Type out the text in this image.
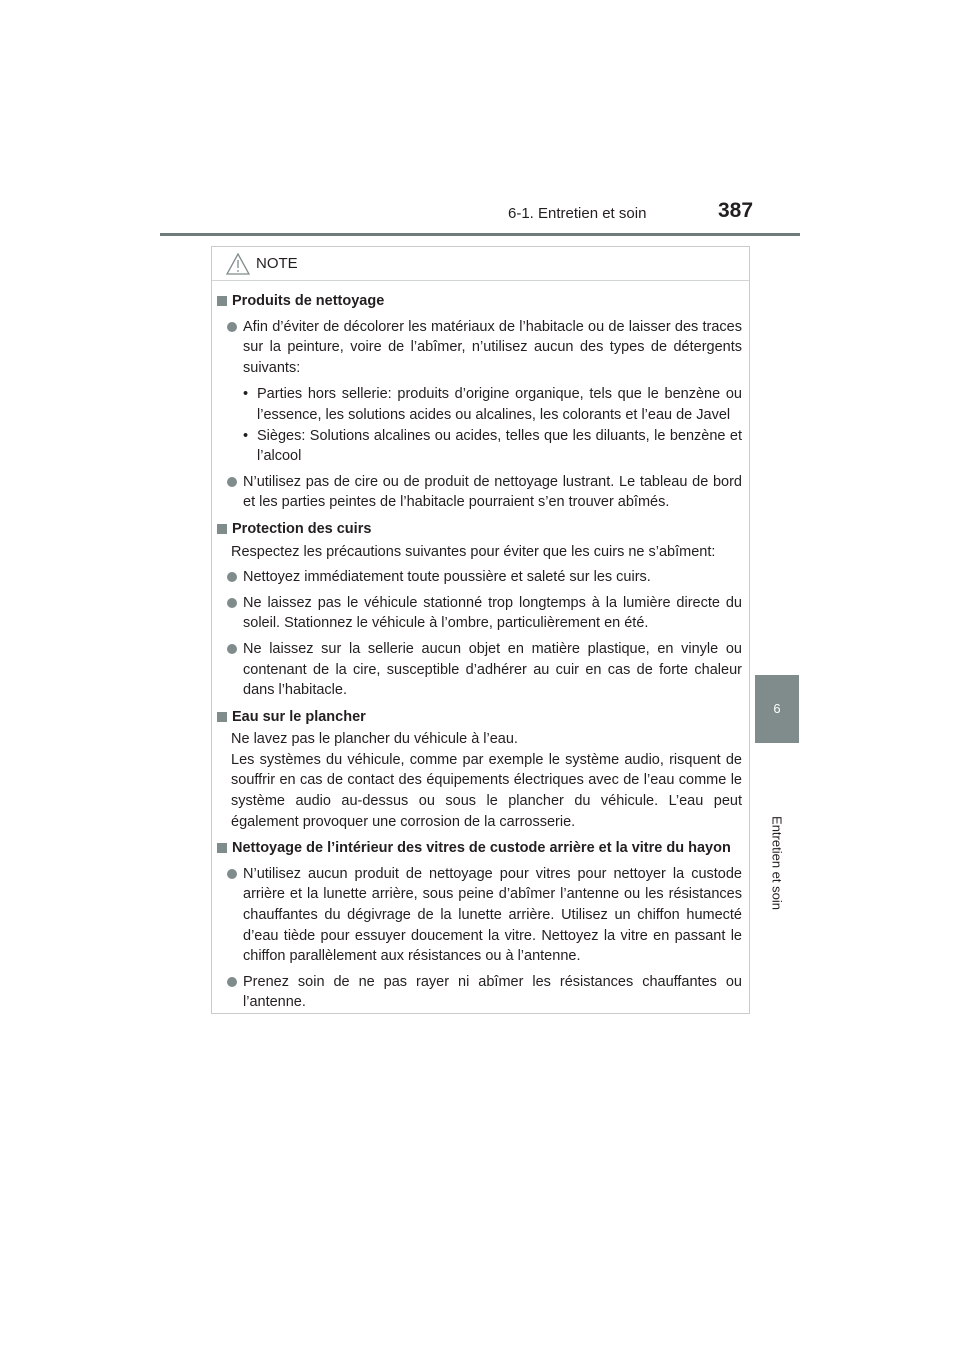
6-1. Entretien et soin	387
6
Entretien et soin
NOTE
Produits de nettoyage
Afin d’éviter de décolorer les matériaux de l’habitacle ou de laisser des traces sur la peinture, voire de l’abîmer, n’utilisez aucun des types de détergents suivants:
• Parties hors sellerie: produits d’origine organique, tels que le benzène ou l’essence, les solutions acides ou alcalines, les colorants et l’eau de Javel
• Sièges: Solutions alcalines ou acides, telles que les diluants, le benzène et l’alcool
N’utilisez pas de cire ou de produit de nettoyage lustrant. Le tableau de bord et les parties peintes de l’habitacle pourraient s’en trouver abîmés.
Protection des cuirs
Respectez les précautions suivantes pour éviter que les cuirs ne s’abîment:
Nettoyez immédiatement toute poussière et saleté sur les cuirs.
Ne laissez pas le véhicule stationné trop longtemps à la lumière directe du soleil. Stationnez le véhicule à l’ombre, particulièrement en été.
Ne laissez sur la sellerie aucun objet en matière plastique, en vinyle ou contenant de la cire, susceptible d’adhérer au cuir en cas de forte chaleur dans l’habitacle.
Eau sur le plancher
Ne lavez pas le plancher du véhicule à l’eau.
Les systèmes du véhicule, comme par exemple le système audio, risquent de souffrir en cas de contact des équipements électriques avec de l’eau comme le système audio au-dessus ou sous le plancher du véhicule. L’eau peut également provoquer une corrosion de la carrosserie.
Nettoyage de l’intérieur des vitres de custode arrière et la vitre du hayon
N’utilisez aucun produit de nettoyage pour vitres pour nettoyer la custode arrière et la lunette arrière, sous peine d’abîmer l’antenne ou les résistances chauffantes du dégivrage de la lunette arrière. Utilisez un chiffon humecté d’eau tiède pour essuyer doucement la vitre. Nettoyez la vitre en passant le chiffon parallèlement aux résistances ou à l’antenne.
Prenez soin de ne pas rayer ni abîmer les résistances chauffantes ou l’antenne.
